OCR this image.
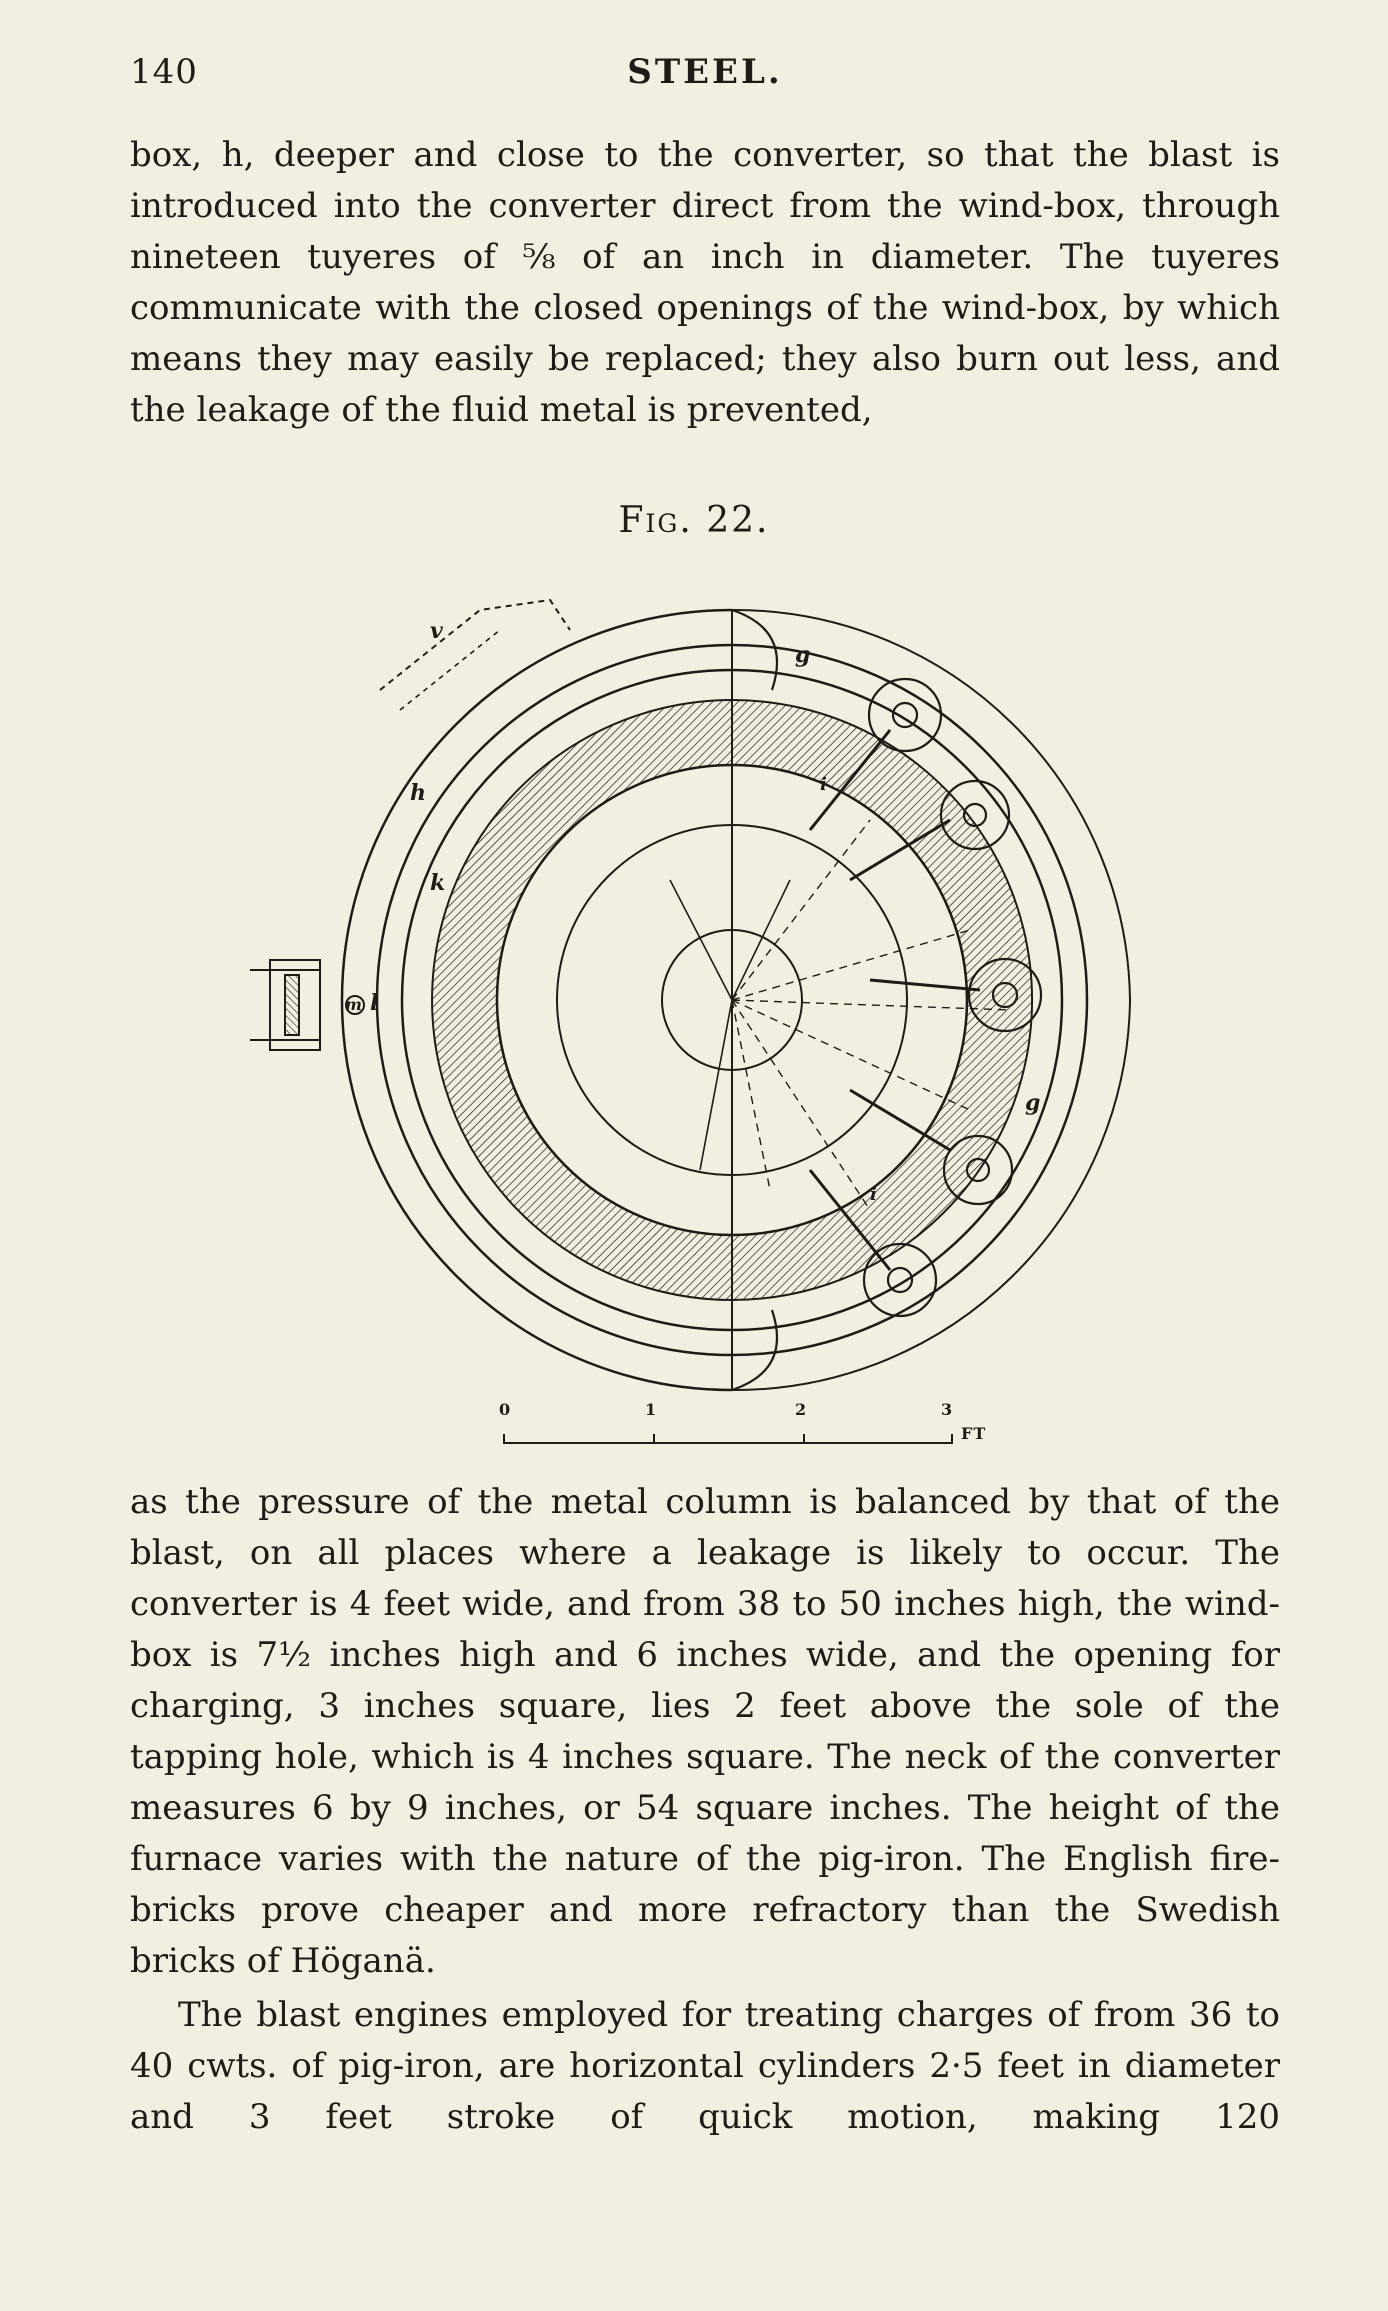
140	STEEL.

box, h, deeper and close to the converter, so that the blast is introduced into the converter direct from the wind-box, through nineteen tuyeres of ⅝ of an inch in diameter. The tuyeres communicate with the closed openings of the wind-box, by which means they may easily be replaced; they also burn out less, and the leakage of the fluid metal is prevented,

Fig. 22.
v
g
h
k
m l
g
i
i
0	1	2	3
FT

as the pressure of the metal column is balanced by that of the blast, on all places where a leakage is likely to occur. The converter is 4 feet wide, and from 38 to 50 inches high, the wind-box is 7½ inches high and 6 inches wide, and the opening for charging, 3 inches square, lies 2 feet above the sole of the tapping hole, which is 4 inches square. The neck of the converter measures 6 by 9 inches, or 54 square inches. The height of the furnace varies with the nature of the pig-iron. The English fire-bricks prove cheaper and more refractory than the Swedish bricks of Höganä.

The blast engines employed for treating charges of from 36 to 40 cwts. of pig-iron, are horizontal cylinders 2·5 feet in diameter and 3 feet stroke of quick motion, making 120
